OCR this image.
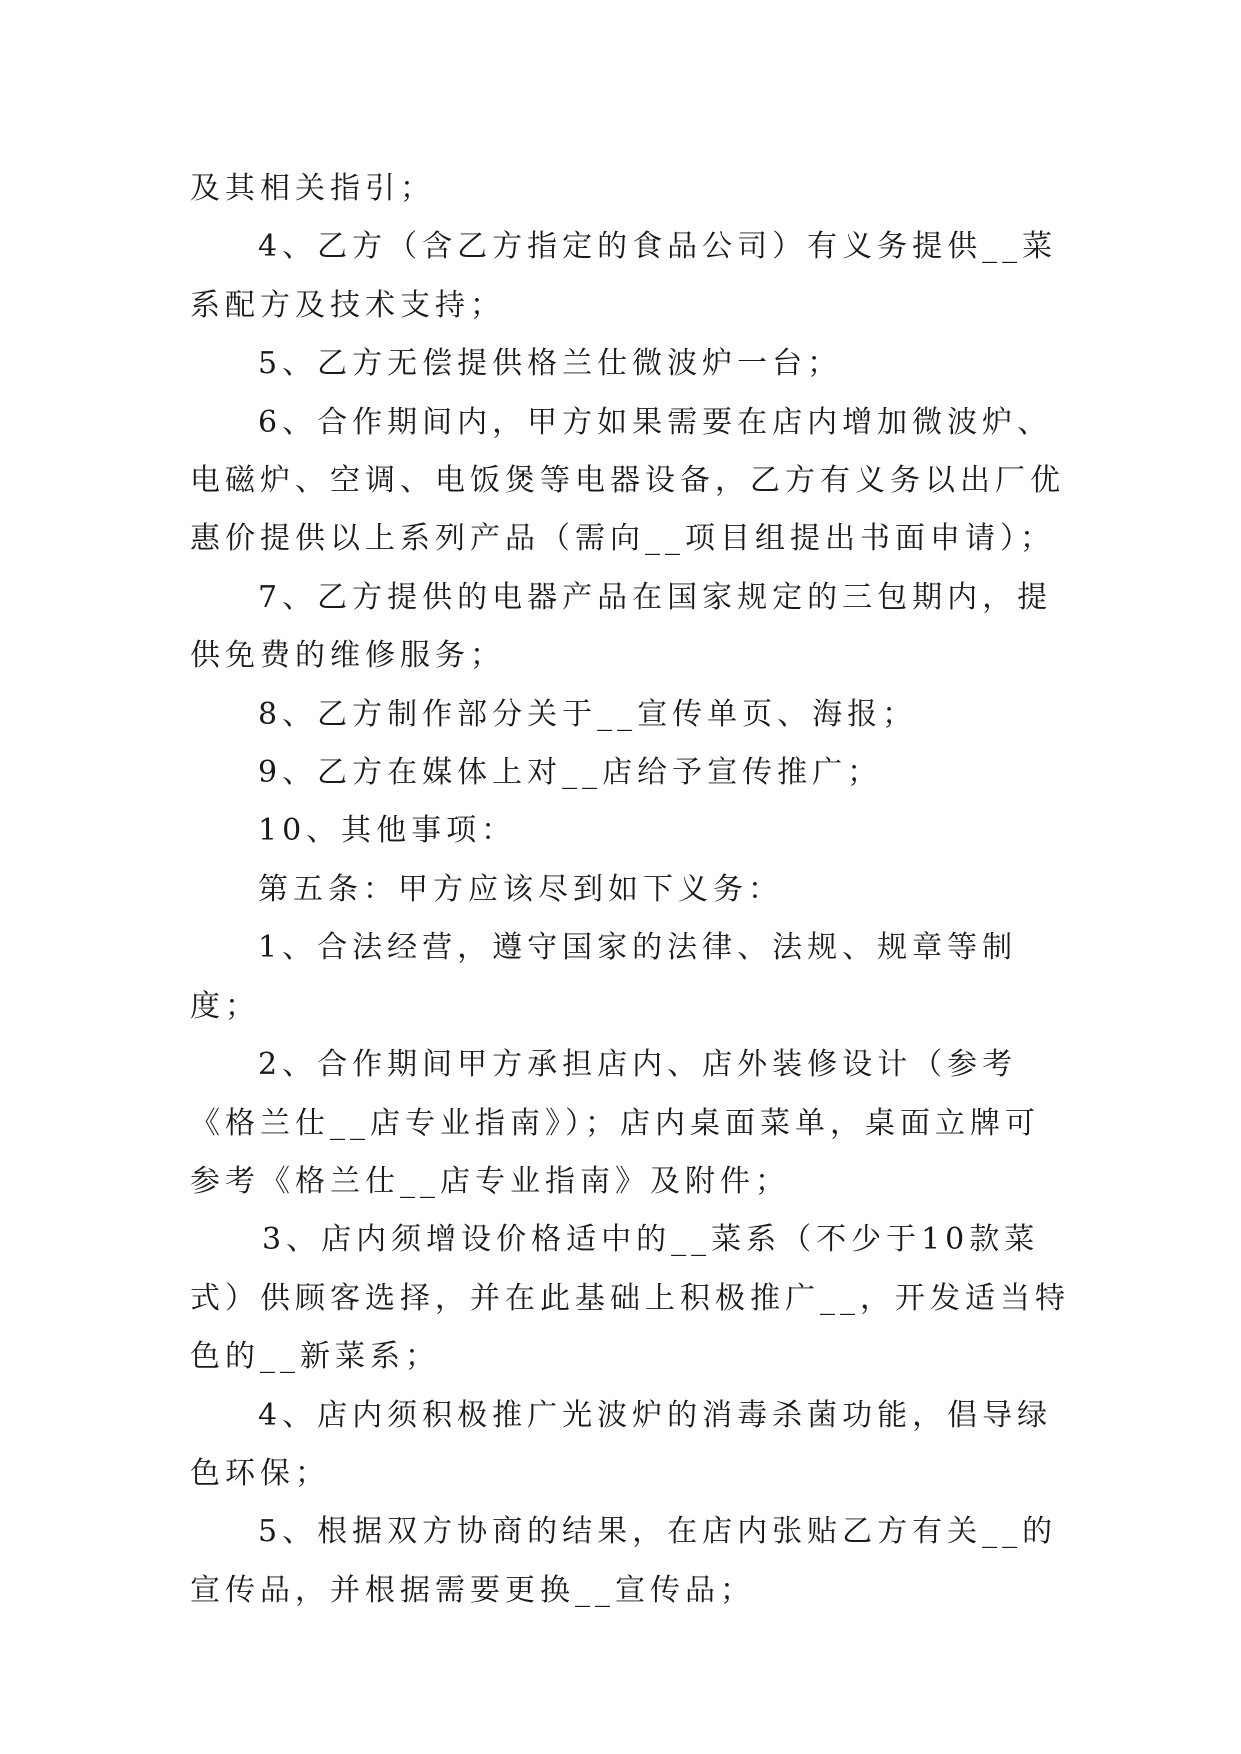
及其相关指引；

4、乙方（含乙方指定的食品公司）有义务提供__菜系配方及技术支持；

5、乙方无偿提供格兰仕微波炉一台；

6、合作期间内，甲方如果需要在店内增加微波炉、电磁炉、空调、电饭煲等电器设备，乙方有义务以出厂优惠价提供以上系列产品（需向__项目组提出书面申请）；

7、乙方提供的电器产品在国家规定的三包期内，提供免费的维修服务；

8、乙方制作部分关于__宣传单页、海报；

9、乙方在媒体上对__店给予宣传推广；

10、其他事项：

第五条：甲方应该尽到如下义务：

1、合法经营，遵守国家的法律、法规、规章等制度；

2、合作期间甲方承担店内、店外装修设计（参考《格兰仕__店专业指南》）；店内桌面菜单，桌面立牌可参考《格兰仕__店专业指南》及附件；

3、店内须增设价格适中的__菜系（不少于10款菜式）供顾客选择，并在此基础上积极推广__，开发适当特色的__新菜系；

4、店内须积极推广光波炉的消毒杀菌功能，倡导绿色环保；

5、根据双方协商的结果，在店内张贴乙方有关__的宣传品，并根据需要更换__宣传品；
